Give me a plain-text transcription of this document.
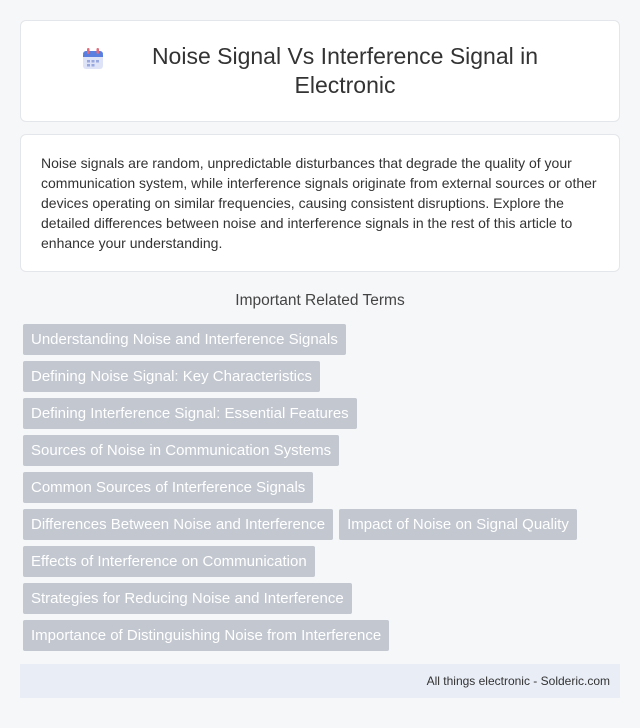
Noise Signal Vs Interference Signal in Electronic

Noise signals are random, unpredictable disturbances that degrade the quality of your communication system, while interference signals originate from external sources or other devices operating on similar frequencies, causing consistent disruptions. Explore the detailed differences between noise and interference signals in the rest of this article to enhance your understanding.

Important Related Terms
Understanding Noise and Interference Signals
Defining Noise Signal: Key Characteristics
Defining Interference Signal: Essential Features
Sources of Noise in Communication Systems
Common Sources of Interference Signals
Differences Between Noise and Interference	Impact of Noise on Signal Quality
Effects of Interference on Communication
Strategies for Reducing Noise and Interference
Importance of Distinguishing Noise from Interference
All things electronic - Solderic.com
